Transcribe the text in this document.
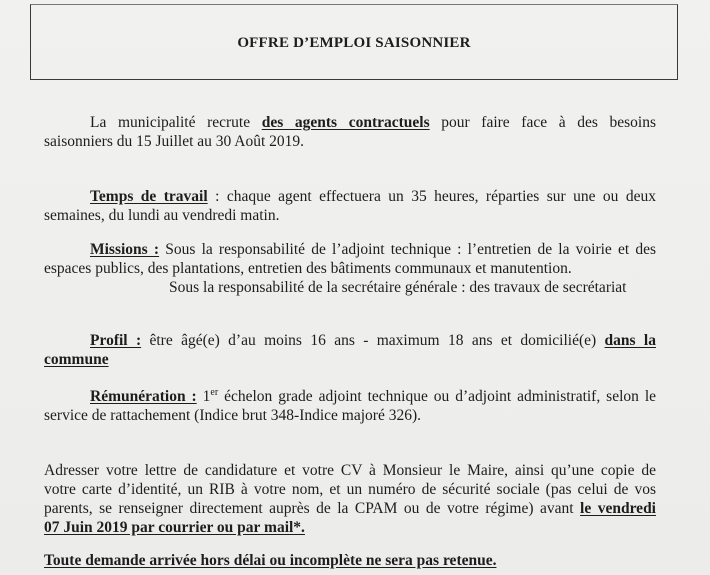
OFFRE D’EMPLOI SAISONNIER
La municipalité recrute des agents contractuels pour faire face à des besoins
saisonniers du 15 Juillet au 30 Août 2019.
Temps de travail : chaque agent effectuera un 35 heures, réparties sur une ou deux
semaines, du lundi au vendredi matin.
Missions : Sous la responsabilité de l’adjoint technique : l’entretien de la voirie et des
espaces publics, des plantations, entretien des bâtiments communaux et manutention.
Sous la responsabilité de la secrétaire générale : des travaux de secrétariat
Profil : être âgé(e) d’au moins 16 ans - maximum 18 ans et domicilié(e) dans la
commune
Rémunération : 1er échelon grade adjoint technique ou d’adjoint administratif, selon le
service de rattachement (Indice brut 348-Indice majoré 326).
Adresser votre lettre de candidature et votre CV à Monsieur le Maire, ainsi qu’une copie de
votre carte d’identité, un RIB à votre nom, et un numéro de sécurité sociale (pas celui de vos
parents, se renseigner directement auprès de la CPAM ou de votre régime) avant le vendredi
07 Juin 2019 par courrier ou par mail*.
Toute demande arrivée hors délai ou incomplète ne sera pas retenue.
